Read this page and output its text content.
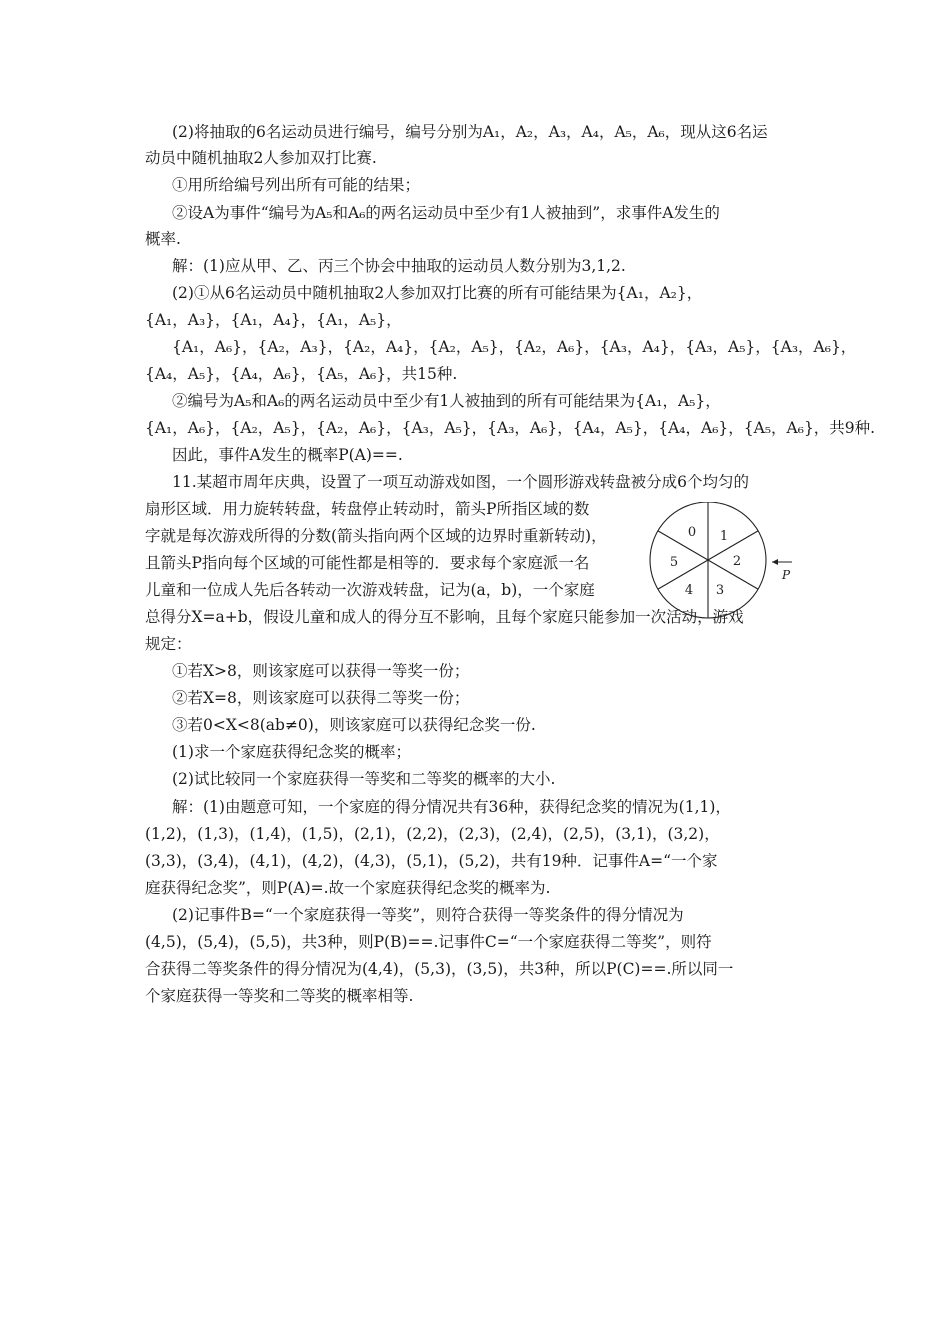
(2)将抽取的6名运动员进行编号，编号分别为A₁，A₂，A₃，A₄，A₅，A₆，现从这6名运
动员中随机抽取2人参加双打比赛.
①用所给编号列出所有可能的结果；
②设A为事件“编号为A₅和A₆的两名运动员中至少有1人被抽到”，求事件A发生的
概率.
解：(1)应从甲、乙、丙三个协会中抽取的运动员人数分别为3,1,2.
(2)①从6名运动员中随机抽取2人参加双打比赛的所有可能结果为{A₁，A₂}，
{A₁，A₃}，{A₁，A₄}，{A₁，A₅}，
{A₁，A₆}，{A₂，A₃}，{A₂，A₄}，{A₂，A₅}，{A₂，A₆}，{A₃，A₄}，{A₃，A₅}，{A₃，A₆}，
{A₄，A₅}，{A₄，A₆}，{A₅，A₆}，共15种.
②编号为A₅和A₆的两名运动员中至少有1人被抽到的所有可能结果为{A₁，A₅}，
{A₁，A₆}，{A₂，A₅}，{A₂，A₆}，{A₃，A₅}，{A₃，A₆}，{A₄，A₅}，{A₄，A₆}，{A₅，A₆}，共9种.
因此，事件A发生的概率P(A)==.
11.某超市周年庆典，设置了一项互动游戏如图，一个圆形游戏转盘被分成6个均匀的
扇形区域．用力旋转转盘，转盘停止转动时，箭头P所指区域的数
字就是每次游戏所得的分数(箭头指向两个区域的边界时重新转动)，
且箭头P指向每个区域的可能性都是相等的．要求每个家庭派一名
儿童和一位成人先后各转动一次游戏转盘，记为(a，b)，一个家庭
总得分X=a+b，假设儿童和成人的得分互不影响，且每个家庭只能参加一次活动，游戏
规定：
①若X>8，则该家庭可以获得一等奖一份；
②若X=8，则该家庭可以获得二等奖一份；
③若0<X<8(ab≠0)，则该家庭可以获得纪念奖一份.
(1)求一个家庭获得纪念奖的概率；
(2)试比较同一个家庭获得一等奖和二等奖的概率的大小.
解：(1)由题意可知，一个家庭的得分情况共有36种，获得纪念奖的情况为(1,1)，
(1,2)，(1,3)，(1,4)，(1,5)，(2,1)，(2,2)，(2,3)，(2,4)，(2,5)，(3,1)，(3,2)，
(3,3)，(3,4)，(4,1)，(4,2)，(4,3)，(5,1)，(5,2)，共有19种．记事件A=“一个家
庭获得纪念奖”，则P(A)=.故一个家庭获得纪念奖的概率为.
(2)记事件B=“一个家庭获得一等奖”，则符合获得一等奖条件的得分情况为
(4,5)，(5,4)，(5,5)，共3种，则P(B)==.记事件C=“一个家庭获得二等奖”，则符
合获得二等奖条件的得分情况为(4,4)，(5,3)，(3,5)，共3种，所以P(C)==.所以同一
个家庭获得一等奖和二等奖的概率相等.
0 1
2
3
4
5
P
